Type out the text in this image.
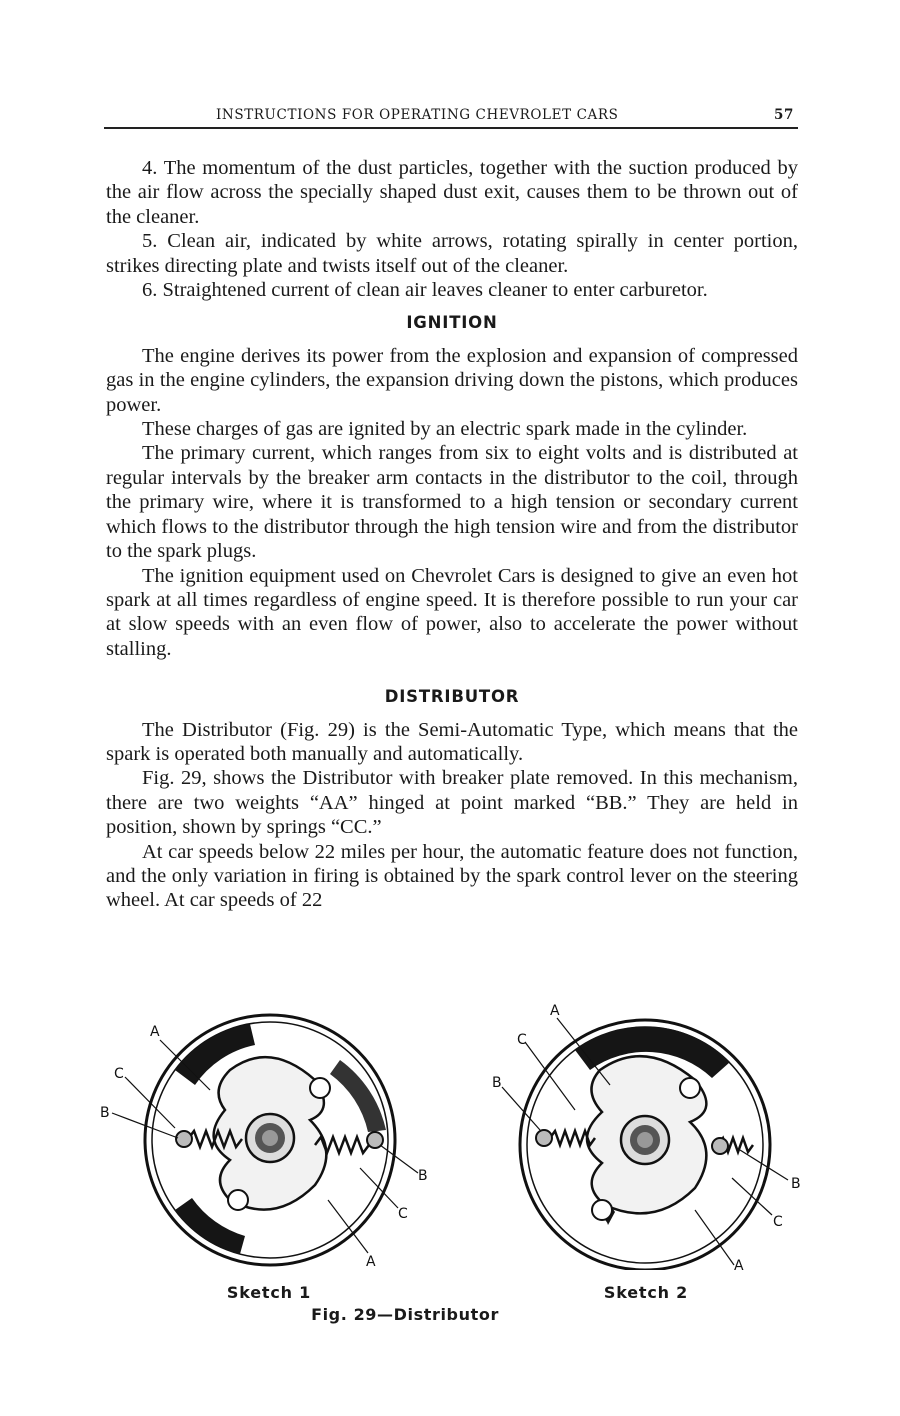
INSTRUCTIONS FOR OPERATING CHEVROLET CARS	57

4. The momentum of the dust particles, together with the suction produced by the air flow across the specially shaped dust exit, causes them to be thrown out of the cleaner.

5. Clean air, indicated by white arrows, rotating spirally in center portion, strikes directing plate and twists itself out of the cleaner.

6. Straightened current of clean air leaves cleaner to enter carburetor.

IGNITION

The engine derives its power from the explosion and expansion of compressed gas in the engine cylinders, the expansion driving down the pistons, which produces power.

These charges of gas are ignited by an electric spark made in the cylinder.

The primary current, which ranges from six to eight volts and is distributed at regular intervals by the breaker arm contacts in the distributor to the coil, through the primary wire, where it is transformed to a high tension or secondary current which flows to the distributor through the high tension wire and from the distributor to the spark plugs.

The ignition equipment used on Chevrolet Cars is designed to give an even hot spark at all times regardless of engine speed. It is therefore possible to run your car at slow speeds with an even flow of power, also to accelerate the power without stalling.

DISTRIBUTOR

The Distributor (Fig. 29) is the Semi-Automatic Type, which means that the spark is operated both manually and automatically.

Fig. 29, shows the Distributor with breaker plate removed. In this mechanism, there are two weights “AA” hinged at point marked “BB.” They are held in position, shown by springs “CC.”

At car speeds below 22 miles per hour, the automatic feature does not function, and the only variation in firing is obtained by the spark control lever on the steering wheel. At car speeds of 22

A
C
B
B
C
A
A
C
B
B
C
A
Sketch 1	Sketch 2
Fig. 29—Distributor
